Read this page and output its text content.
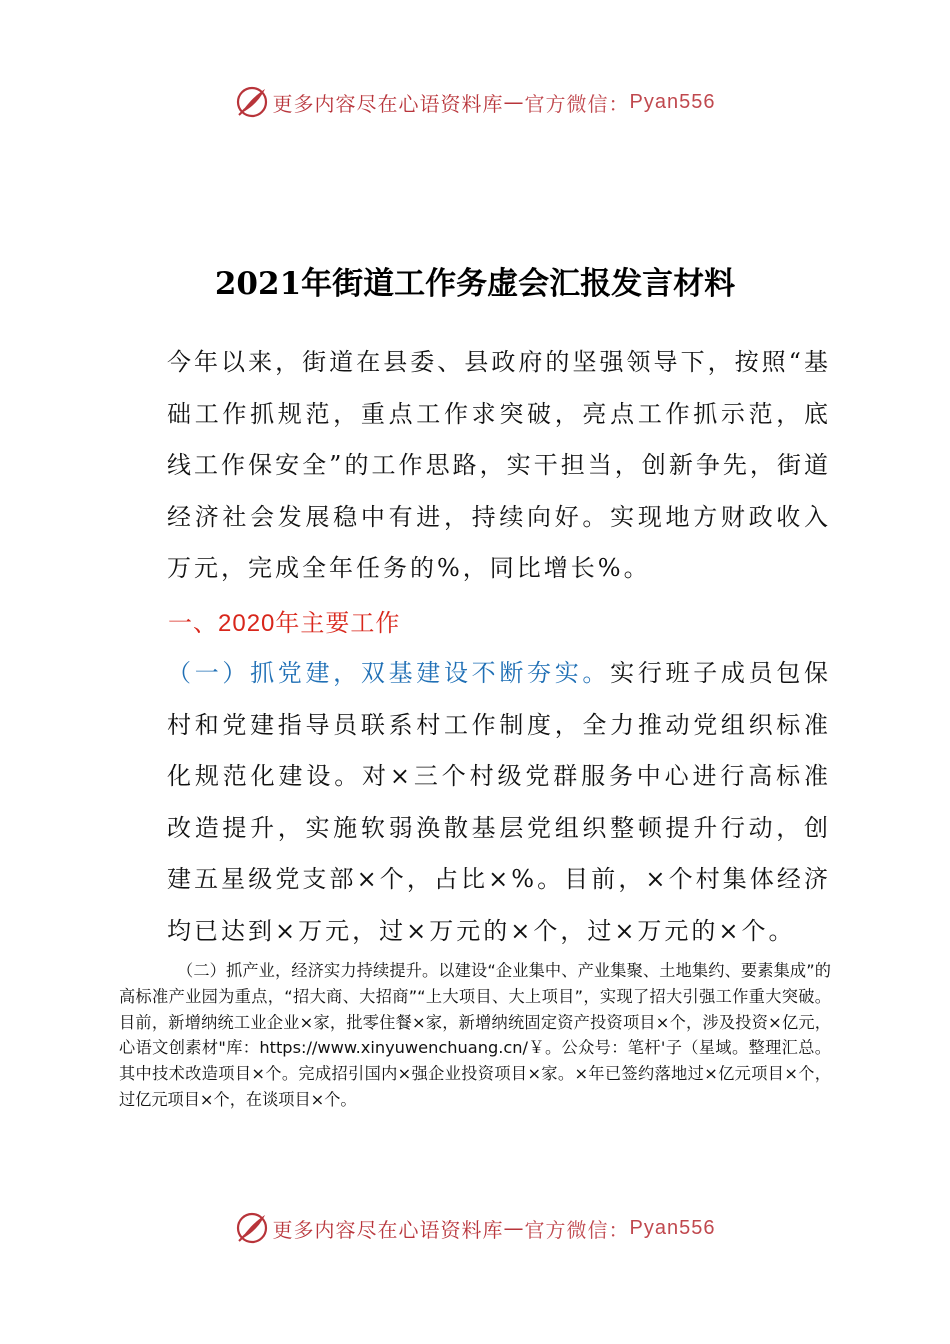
更多内容尽在心语资料库 — 官方微信： Pyan556
2021年街道工作务虚会汇报发言材料
今年以来，街道在县委、县政府的坚强领导下，按照“基础工作抓规范，重点工作求突破，亮点工作抓示范，底线工作保安全”的工作思路，实干担当，创新争先，街道经济社会发展稳中有进，持续向好。实现地方财政收入万元，完成全年任务的%，同比增长%。
一、2020年主要工作
（一）抓党建，双基建设不断夯实。实行班子成员包保村和党建指导员联系村工作制度，全力推动党组织标准化规范化建设。对×三个村级党群服务中心进行高标准改造提升，实施软弱涣散基层党组织整顿提升行动，创建五星级党支部×个，占比×%。目前，×个村集体经济均已达到×万元，过×万元的×个，过×万元的×个。
（二）抓产业，经济实力持续提升。以建设“企业集中、产业集聚、土地集约、要素集成”的高标准产业园为重点，“招大商、大招商”“上大项目、大上项目”，实现了招大引强工作重大突破。目前，新增纳统工业企业×家，批零住餐×家，新增纳统固定资产投资项目×个，涉及投资×亿元，心语文创素材"库：https://www.xinyuwenchuang.cn/￥。公众号：笔杆'子（星域。整理汇总。其中技术改造项目×个。完成招引国内×强企业投资项目×家。×年已签约落地过×亿元项目×个，过亿元项目×个，在谈项目×个。
更多内容尽在心语资料库 — 官方微信： Pyan556
